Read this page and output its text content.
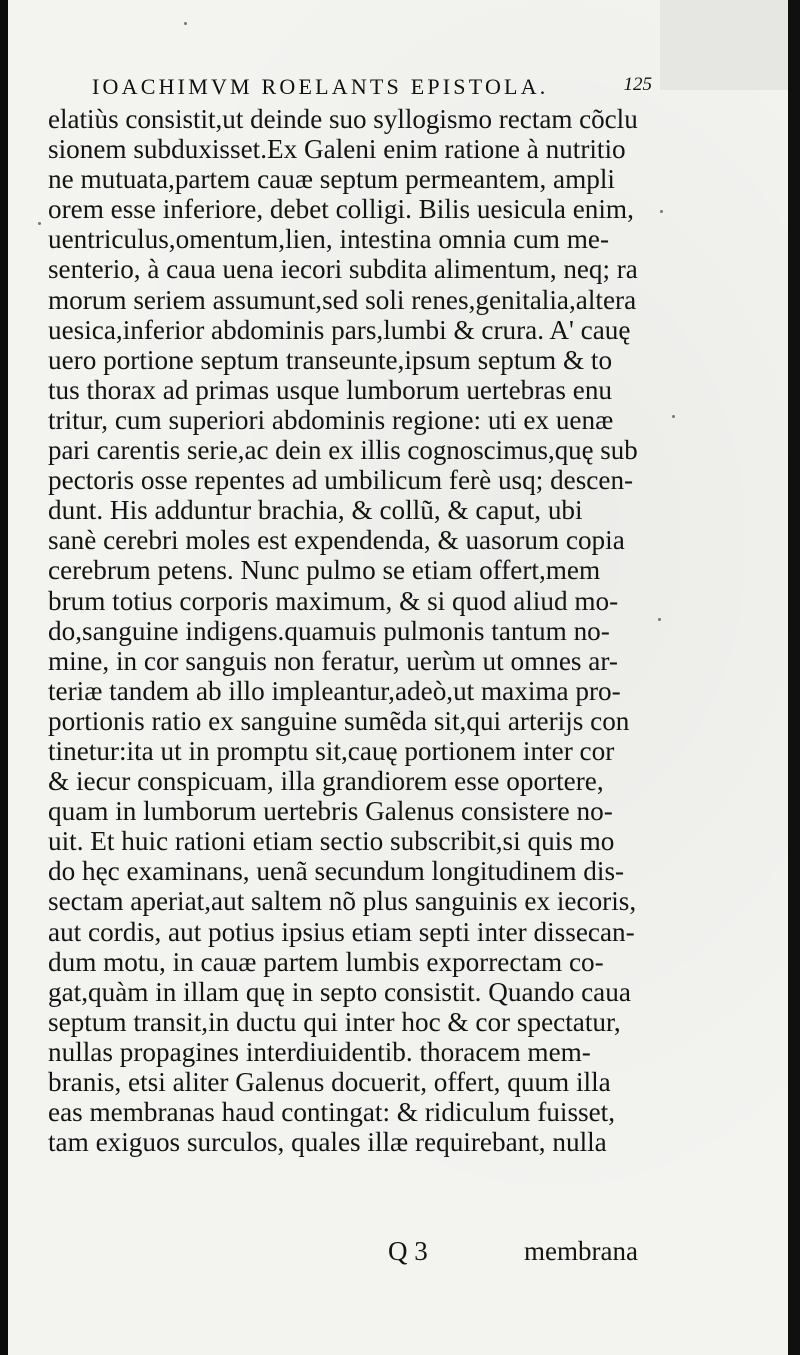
IOACHIMVM ROELANTS EPISTOLA.	125
elatiùs consistit,ut deinde suo syllogismo rectam cõclu
sionem subduxisset.Ex Galeni enim ratione à nutritio
ne mutuata,partem cauæ septum permeantem, ampli
orem esse inferiore, debet colligi. Bilis uesicula enim,
uentriculus,omentum,lien, intestina omnia cum me-
senterio, à caua uena iecori subdita alimentum, neq; ra
morum seriem assumunt,sed soli renes,genitalia,altera
uesica,inferior abdominis pars,lumbi & crura. A' cauę
uero portione septum transeunte,ipsum septum & to
tus thorax ad primas usque lumborum uertebras enu
tritur, cum superiori abdominis regione: uti ex uenæ
pari carentis serie,ac dein ex illis cognoscimus,quę sub
pectoris osse repentes ad umbilicum ferè usq; descen-
dunt. His adduntur brachia, & collũ, & caput, ubi
sanè cerebri moles est expendenda, & uasorum copia
cerebrum petens. Nunc pulmo se etiam offert,mem
brum totius corporis maximum, & si quod aliud mo-
do,sanguine indigens.quamuis pulmonis tantum no-
mine, in cor sanguis non feratur, uerùm ut omnes ar-
teriæ tandem ab illo impleantur,adeò,ut maxima pro-
portionis ratio ex sanguine sumẽda sit,qui arterijs con
tinetur:ita ut in promptu sit,cauę portionem inter cor
& iecur conspicuam, illa grandiorem esse oportere,
quam in lumborum uertebris Galenus consistere no-
uit. Et huic rationi etiam sectio subscribit,si quis mo
do hęc examinans, uenã secundum longitudinem dis-
sectam aperiat,aut saltem nõ plus sanguinis ex iecoris,
aut cordis, aut potius ipsius etiam septi inter dissecan-
dum motu, in cauæ partem lumbis exporrectam co-
gat,quàm in illam quę in septo consistit. Quando caua
septum transit,in ductu qui inter hoc & cor spectatur,
nullas propagines interdiuidentib. thoracem mem-
branis, etsi aliter Galenus docuerit, offert, quum illa
eas membranas haud contingat: & ridiculum fuisset,
tam exiguos surculos, quales illæ requirebant, nulla
Q 3	membrana
